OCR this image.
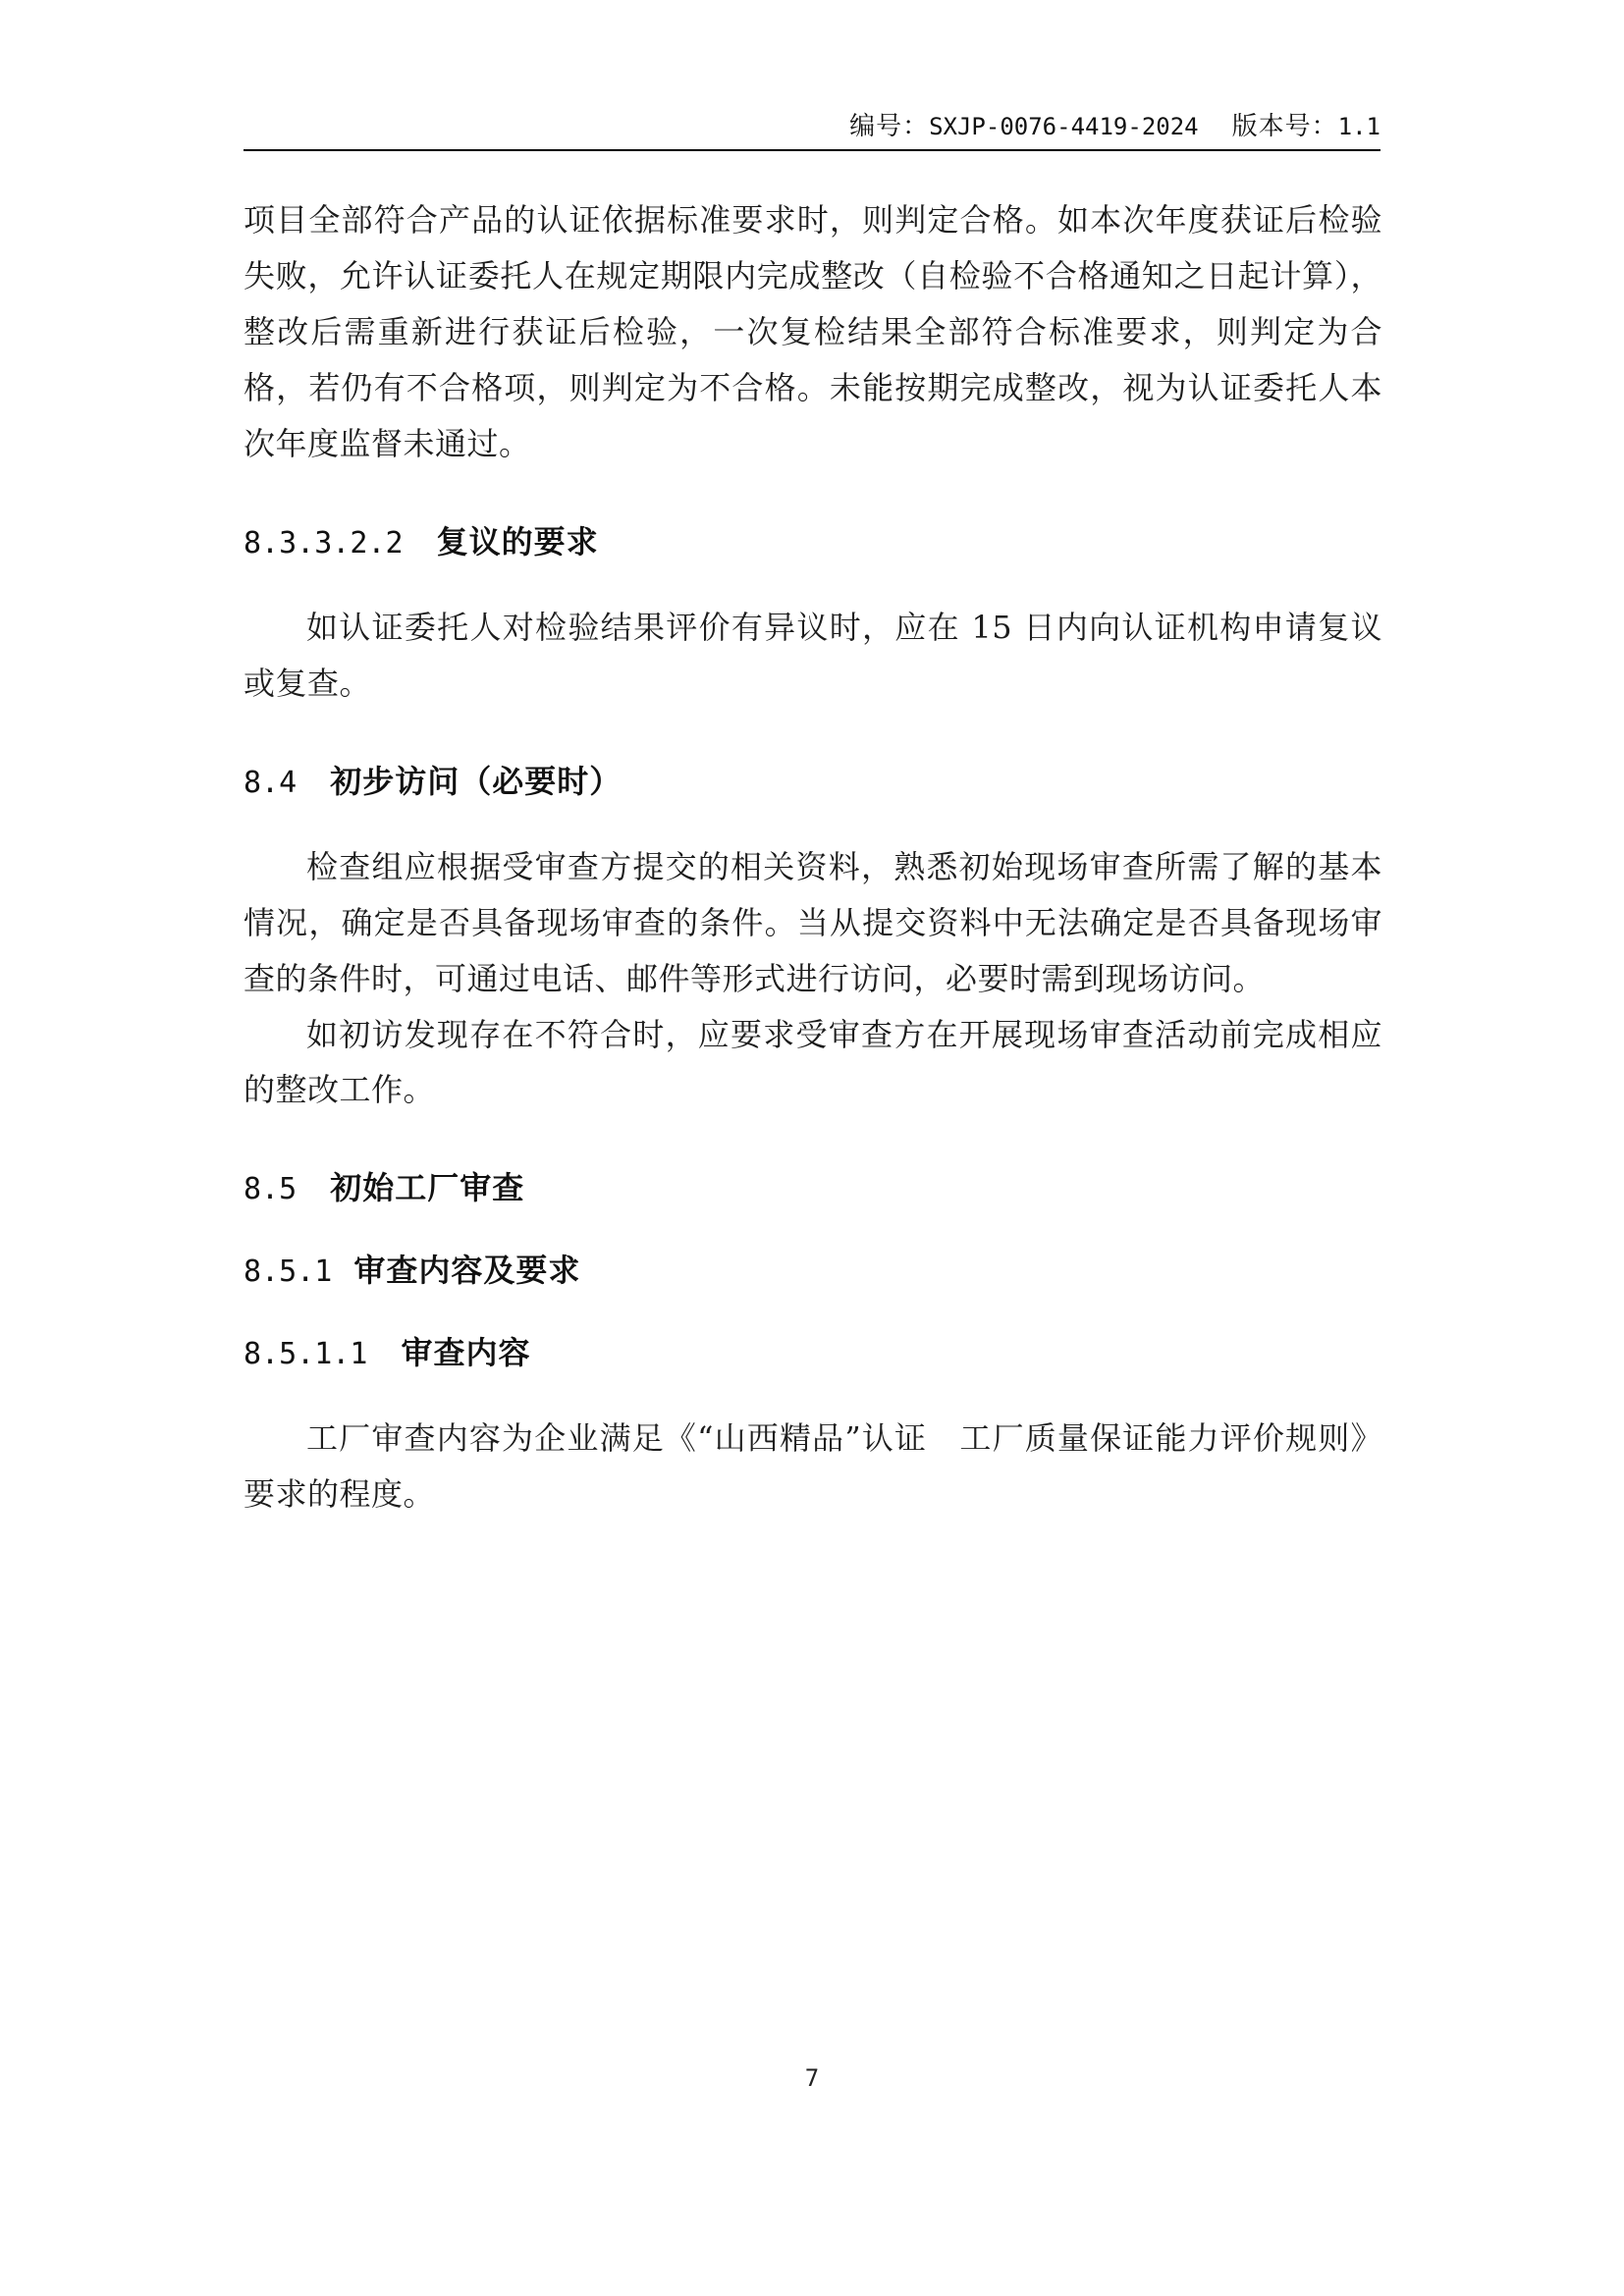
编号：SXJP-0076-4419-2024 版本号：1.1

项目全部符合产品的认证依据标准要求时，则判定合格。如本次年度获证后检验失败，允许认证委托人在规定期限内完成整改（自检验不合格通知之日起计算），整改后需重新进行获证后检验，一次复检结果全部符合标准要求，则判定为合格，若仍有不合格项，则判定为不合格。未能按期完成整改，视为认证委托人本次年度监督未通过。

8.3.3.2.2 复议的要求

如认证委托人对检验结果评价有异议时，应在 15 日内向认证机构申请复议或复查。

8.4 初步访问（必要时）

检查组应根据受审查方提交的相关资料，熟悉初始现场审查所需了解的基本情况，确定是否具备现场审查的条件。当从提交资料中无法确定是否具备现场审查的条件时，可通过电话、邮件等形式进行访问，必要时需到现场访问。

如初访发现存在不符合时，应要求受审查方在开展现场审查活动前完成相应的整改工作。

8.5 初始工厂审查
8.5.1 审查内容及要求
8.5.1.1 审查内容

工厂审查内容为企业满足《“山西精品”认证　工厂质量保证能力评价规则》要求的程度。

7
